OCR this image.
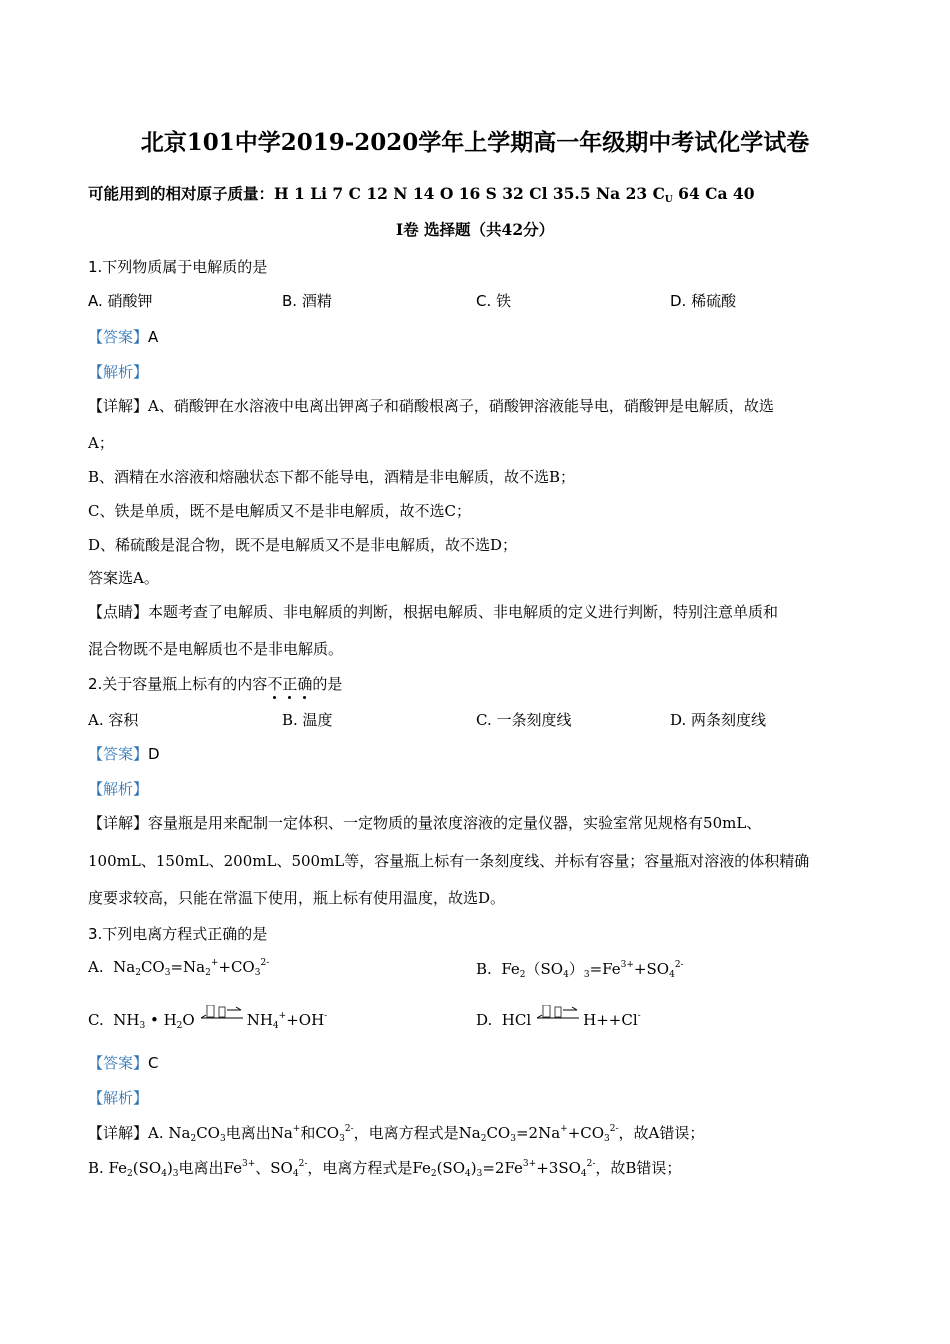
北京101中学2019-2020学年上学期高一年级期中考试化学试卷
可能用到的相对原子质量：H 1 Li 7 C 12 N 14 O 16 S 32 Cl 35.5 Na 23 $C_U$ 64 Ca 40
I卷 选择题（共42分）
1.下列物质属于电解质的是
A. 硝酸钾	B. 酒精	C. 铁	D. 稀硫酸
【答案】A
【解析】
【详解】A、硝酸钾在水溶液中电离出钾离子和硝酸根离子，硝酸钾溶液能导电，硝酸钾是电解质，故选
A；
B、酒精在水溶液和熔融状态下都不能导电，酒精是非电解质，故不选B；
C、铁是单质，既不是电解质又不是非电解质，故不选C；
D、稀硫酸是混合物，既不是电解质又不是非电解质，故不选D；
答案选A。
【点睛】本题考查了电解质、非电解质的判断，根据电解质、非电解质的定义进行判断，特别注意单质和
混合物既不是电解质也不是非电解质。
2.关于容量瓶上标有的内容不
正
确
的是
A. 容积	B. 温度	C. 一条刻度线	D. 两条刻度线
【答案】D
【解析】
【详解】容量瓶是用来配制一定体积、一定物质的量浓度溶液的定量仪器，实验室常见规格有50mL、
100mL、150mL、200mL、500mL等，容量瓶上标有一条刻度线、并标有容量；容量瓶对溶液的体积精确
度要求较高，只能在常温下使用，瓶上标有使用温度，故选D。
3.下列电离方程式正确的是
A.  $Na_2CO_3=Na_2^++CO_3^{2-}$	B.  $Fe_2(SO_4)_3=Fe^{3+}+SO_4^{2-}$
C.  $NH_3$ • $H_2O$	$NH_4^++OH^-$	D.  HCl	H++Cl-
【答案】C
【解析】
【详解】A. $Na_2CO_3$电离出Na+和$CO_3^{2-}$，电离方程式是$Na_2CO_3=2Na^++CO_3^{2-}$，故A错误；
B. $Fe_2(SO_4)_3$电离出$Fe^{3+}$、$SO_4^{2-}$，电离方程式是$Fe_2(SO_4)_3=2Fe^{3+}+3SO_4^{2-}$，故B错误；
